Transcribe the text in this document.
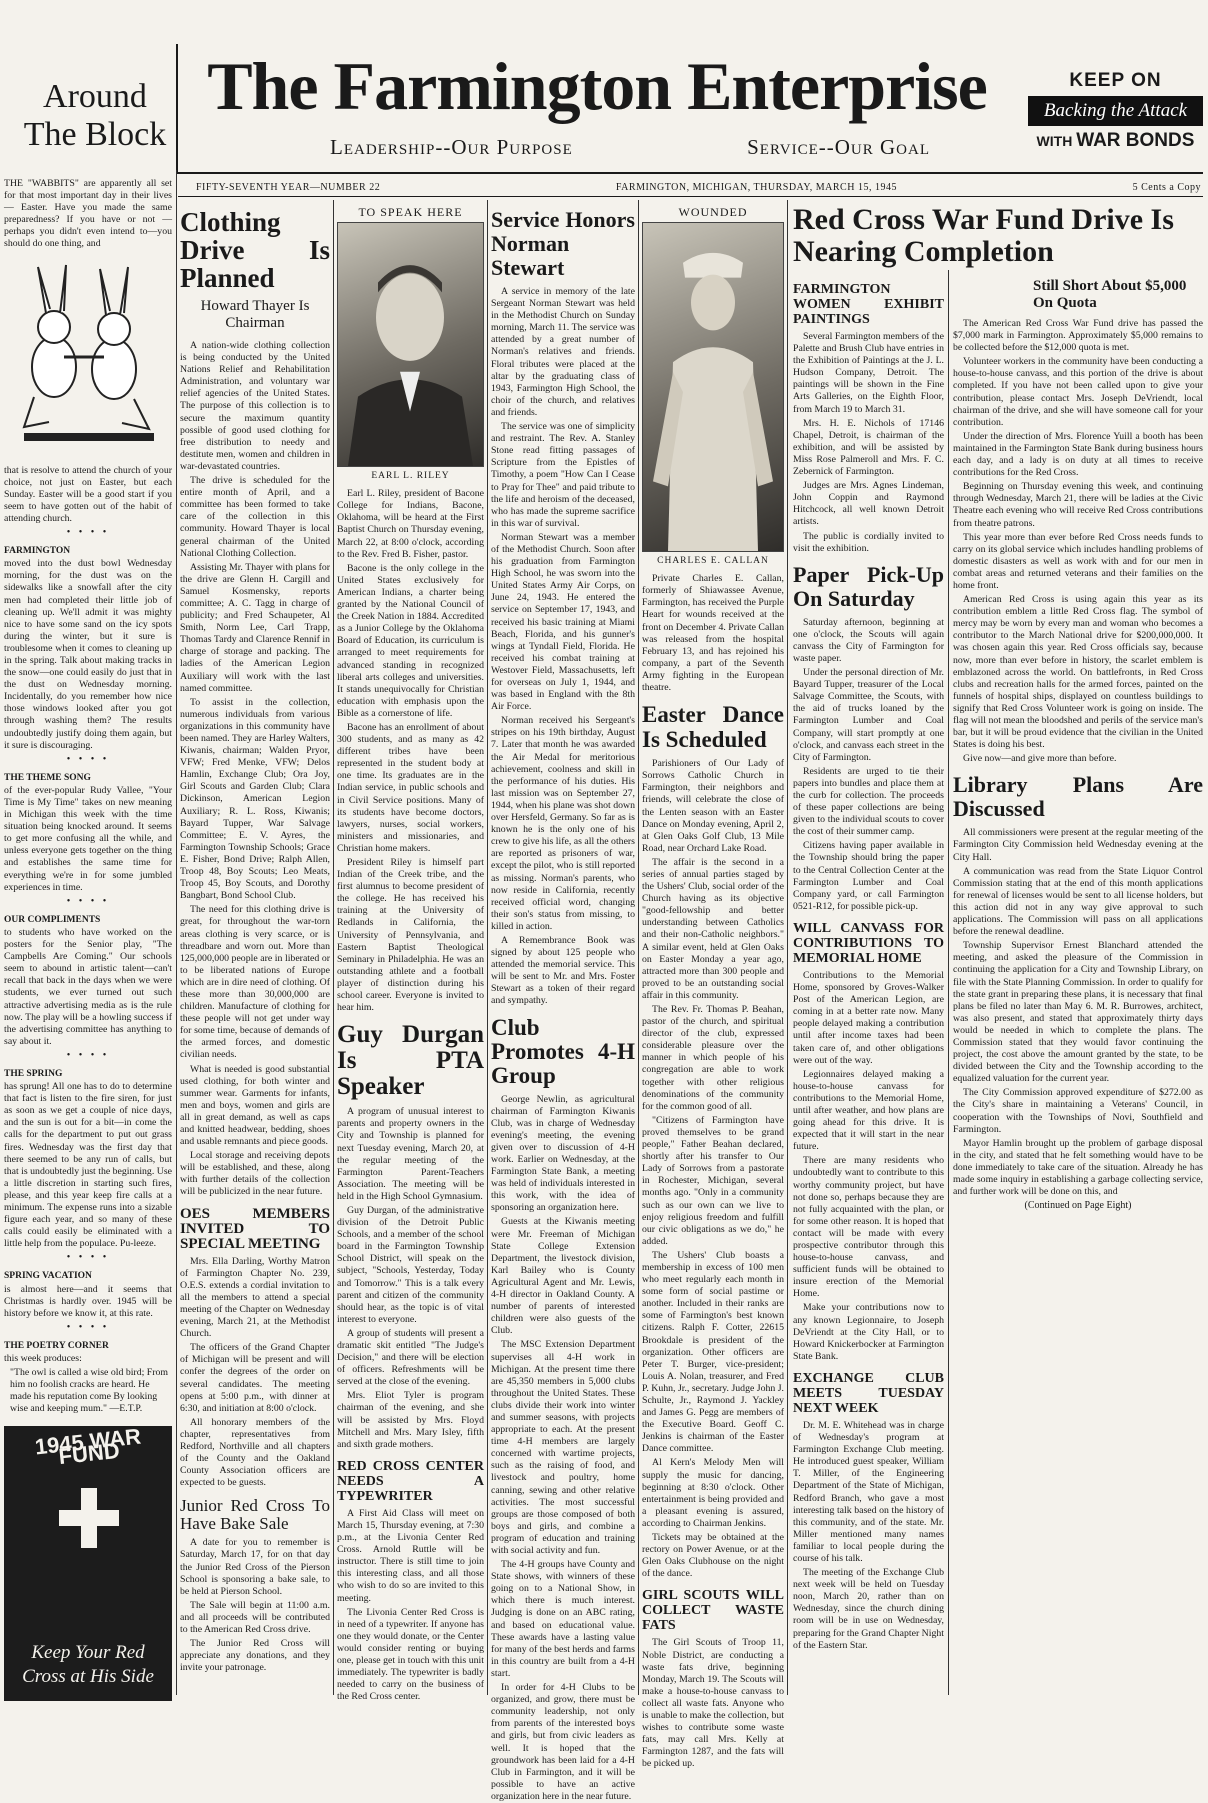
Around
The Block
The Farmington Enterprise
Leadership--Our Purpose	Service--Our Goal
KEEP ON
Backing the Attack
WITH WAR BONDS
FIFTY-SEVENTH YEAR—NUMBER 22	FARMINGTON, MICHIGAN, THURSDAY, MARCH 15, 1945	5 Cents a Copy

THE "WABBITS" are apparently all set for that most important day in their lives — Easter. Have you made the same preparedness? If you have or not —perhaps you didn't even intend to—you should do one thing, and

that is resolve to attend the church of your choice, not just on Easter, but each Sunday. Easter will be a good start if you seem to have gotten out of the habit of attending church.

• • • •
FARMINGTON

moved into the dust bowl Wednesday morning, for the dust was on the sidewalks like a snowfall after the city men had completed their little job of cleaning up. We'll admit it was mighty nice to have some sand on the icy spots during the winter, but it sure is troublesome when it comes to cleaning up in the spring. Talk about making tracks in the snow—one could easily do just that in the dust on Wednesday morning. Incidentally, do you remember how nice those windows looked after you got through washing them? The results undoubtedly justify doing them again, but it sure is discouraging.

• • • •
THE THEME SONG

of the ever-popular Rudy Vallee, "Your Time is My Time" takes on new meaning in Michigan this week with the time situation being knocked around. It seems to get more confusing all the while, and unless everyone gets together on the thing and establishes the same time for everything we're in for some jumbled experiences in time.

• • • •
OUR COMPLIMENTS

to students who have worked on the posters for the Senior play, "The Campbells Are Coming." Our schools seem to abound in artistic talent—can't recall that back in the days when we were students, we ever turned out such attractive advertising media as is the rule now. The play will be a howling success if the advertising committee has anything to say about it.

• • • •
THE SPRING

has sprung! All one has to do to determine that fact is listen to the fire siren, for just as soon as we get a couple of nice days, and the sun is out for a bit—in come the calls for the department to put out grass fires. Wednesday was the first day that there seemed to be any run of calls, but that is undoubtedly just the beginning. Use a little discretion in starting such fires, please, and this year keep fire calls at a minimum. The expense runs into a sizable figure each year, and so many of these calls could easily be eliminated with a little help from the populace. Pu-leeze.

• • • •
SPRING VACATION

is almost here—and it seems that Christmas is hardly over. 1945 will be history before we know it, at this rate.

• • • •
THE POETRY CORNER

this week produces:

"The owl is called a wise old bird; From him no foolish cracks are heard. He made his reputation come By looking wise and keeping mum." —E.T.P.

1945 WAR FUND
Keep Your Red Cross at His Side
Clothing Drive Is Planned
Howard Thayer Is Chairman

A nation-wide clothing collection is being conducted by the United Nations Relief and Rehabilitation Administration, and voluntary war relief agencies of the United States. The purpose of this collection is to secure the maximum quantity possible of good used clothing for free distribution to needy and destitute men, women and children in war-devastated countries.

The drive is scheduled for the entire month of April, and a committee has been formed to take care of the collection in this community. Howard Thayer is local general chairman of the United National Clothing Collection.

Assisting Mr. Thayer with plans for the drive are Glenn H. Cargill and Samuel Kosmensky, reports committee; A. C. Tagg in charge of publicity; and Fred Schaupeter, Al Smith, Norm Lee, Carl Trapp, Thomas Tardy and Clarence Rennif in charge of storage and packing. The ladies of the American Legion Auxiliary will work with the last named committee.

To assist in the collection, numerous individuals from various organizations in this community have been named. They are Harley Walters, Kiwanis, chairman; Walden Pryor, VFW; Fred Menke, VFW; Delos Hamlin, Exchange Club; Ora Joy, Girl Scouts and Garden Club; Clara Dickinson, American Legion Auxiliary; R. L. Ross, Kiwanis; Bayard Tupper, War Salvage Committee; E. V. Ayres, the Farmington Township Schools; Grace E. Fisher, Bond Drive; Ralph Allen, Troop 48, Boy Scouts; Leo Meats, Troop 45, Boy Scouts, and Dorothy Bangbart, Bond School Club.

The need for this clothing drive is great, for throughout the war-torn areas clothing is very scarce, or is threadbare and worn out. More than 125,000,000 people are in liberated or to be liberated nations of Europe which are in dire need of clothing. Of these more than 30,000,000 are children. Manufacture of clothing for these people will not get under way for some time, because of demands of the armed forces, and domestic civilian needs.

What is needed is good substantial used clothing, for both winter and summer wear. Garments for infants, men and boys, women and girls are all in great demand, as well as caps and knitted headwear, bedding, shoes and usable remnants and piece goods.

Local storage and receiving depots will be established, and these, along with further details of the collection will be publicized in the near future.

OES MEMBERS INVITED TO SPECIAL MEETING

Mrs. Ella Darling, Worthy Matron of Farmington Chapter No. 239, O.E.S. extends a cordial invitation to all the members to attend a special meeting of the Chapter on Wednesday evening, March 21, at the Methodist Church.

The officers of the Grand Chapter of Michigan will be present and will confer the degrees of the order on several candidates. The meeting opens at 5:00 p.m., with dinner at 6:30, and initiation at 8:00 o'clock.

All honorary members of the chapter, representatives from Redford, Northville and all chapters of the County and the Oakland County Association officers are expected to be guests.

Junior Red Cross To Have Bake Sale

A date for you to remember is Saturday, March 17, for on that day the Junior Red Cross of the Pierson School is sponsoring a bake sale, to be held at Pierson School.

The Sale will begin at 11:00 a.m. and all proceeds will be contributed to the American Red Cross drive.

The Junior Red Cross will appreciate any donations, and they invite your patronage.

TO SPEAK HERE
EARL L. RILEY

Earl L. Riley, president of Bacone College for Indians, Bacone, Oklahoma, will be heard at the First Baptist Church on Thursday evening, March 22, at 8:00 o'clock, according to the Rev. Fred B. Fisher, pastor.

Bacone is the only college in the United States exclusively for American Indians, a charter being granted by the National Council of the Creek Nation in 1884. Accredited as a Junior College by the Oklahoma Board of Education, its curriculum is arranged to meet requirements for advanced standing in recognized liberal arts colleges and universities. It stands unequivocally for Christian education with emphasis upon the Bible as a cornerstone of life.

Bacone has an enrollment of about 300 students, and as many as 42 different tribes have been represented in the student body at one time. Its graduates are in the Indian service, in public schools and in Civil Service positions. Many of its students have become doctors, lawyers, nurses, social workers, ministers and missionaries, and Christian home makers.

President Riley is himself part Indian of the Creek tribe, and the first alumnus to become president of the college. He has received his training at the University of Redlands in California, the University of Pennsylvania, and Eastern Baptist Theological Seminary in Philadelphia. He was an outstanding athlete and a football player of distinction during his school career. Everyone is invited to hear him.

Guy Durgan Is PTA Speaker

A program of unusual interest to parents and property owners in the City and Township is planned for next Tuesday evening, March 20, at the regular meeting of the Farmington Parent-Teachers Association. The meeting will be held in the High School Gymnasium.

Guy Durgan, of the administrative division of the Detroit Public Schools, and a member of the school board in the Farmington Township School District, will speak on the subject, "Schools, Yesterday, Today and Tomorrow." This is a talk every parent and citizen of the community should hear, as the topic is of vital interest to everyone.

A group of students will present a dramatic skit entitled "The Judge's Decision," and there will be election of officers. Refreshments will be served at the close of the evening.

Mrs. Eliot Tyler is program chairman of the evening, and she will be assisted by Mrs. Floyd Mitchell and Mrs. Mary Isley, fifth and sixth grade mothers.

RED CROSS CENTER NEEDS A TYPEWRITER

A First Aid Class will meet on March 15, Thursday evening, at 7:30 p.m., at the Livonia Center Red Cross. Arnold Ruttle will be instructor. There is still time to join this interesting class, and all those who wish to do so are invited to this meeting.

The Livonia Center Red Cross is in need of a typewriter. If anyone has one they would donate, or the Center would consider renting or buying one, please get in touch with this unit immediately. The typewriter is badly needed to carry on the business of the Red Cross center.

Service Honors Norman Stewart

A service in memory of the late Sergeant Norman Stewart was held in the Methodist Church on Sunday morning, March 11. The service was attended by a great number of Norman's relatives and friends. Floral tributes were placed at the altar by the graduating class of 1943, Farmington High School, the choir of the church, and relatives and friends.

The service was one of simplicity and restraint. The Rev. A. Stanley Stone read fitting passages of Scripture from the Epistles of Timothy, a poem "How Can I Cease to Pray for Thee" and paid tribute to the life and heroism of the deceased, who has made the supreme sacrifice in this war of survival.

Norman Stewart was a member of the Methodist Church. Soon after his graduation from Farmington High School, he was sworn into the United States Army Air Corps, on June 24, 1943. He entered the service on September 17, 1943, and received his basic training at Miami Beach, Florida, and his gunner's wings at Tyndall Field, Florida. He received his combat training at Westover Field, Massachusetts, left for overseas on July 1, 1944, and was based in England with the 8th Air Force.

Norman received his Sergeant's stripes on his 19th birthday, August 7. Later that month he was awarded the Air Medal for meritorious achievement, coolness and skill in the performance of his duties. His last mission was on September 27, 1944, when his plane was shot down over Hersfeld, Germany. So far as is known he is the only one of his crew to give his life, as all the others are reported as prisoners of war, except the pilot, who is still reported as missing. Norman's parents, who now reside in California, recently received official word, changing their son's status from missing, to killed in action.

A Remembrance Book was signed by about 125 people who attended the memorial service. This will be sent to Mr. and Mrs. Foster Stewart as a token of their regard and sympathy.

Club Promotes 4-H Group

George Newlin, as agricultural chairman of Farmington Kiwanis Club, was in charge of Wednesday evening's meeting, the evening given over to discussion of 4-H work. Earlier on Wednesday, at the Farmington State Bank, a meeting was held of individuals interested in this work, with the idea of sponsoring an organization here.

Guests at the Kiwanis meeting were Mr. Freeman of Michigan State College Extension Department, the livestock division, Karl Bailey who is County Agricultural Agent and Mr. Lewis, 4-H director in Oakland County. A number of parents of interested children were also guests of the Club.

The MSC Extension Department supervises all 4-H work in Michigan. At the present time there are 45,350 members in 5,000 clubs throughout the United States. These clubs divide their work into winter and summer seasons, with projects appropriate to each. At the present time 4-H members are largely concerned with wartime projects, such as the raising of food, and livestock and poultry, home canning, sewing and other relative activities. The most successful groups are those composed of both boys and girls, and combine a program of education and training with social activity and fun.

The 4-H groups have County and State shows, with winners of these going on to a National Show, in which there is much interest. Judging is done on an ABC rating, and based on educational value. These awards have a lasting value for many of the best herds and farms in this country are built from a 4-H start.

In order for 4-H Clubs to be organized, and grow, there must be community leadership, not only from parents of the interested boys and girls, but from civic leaders as well. It is hoped that the groundwork has been laid for a 4-H Club in Farmington, and it will be possible to have an active organization here in the near future.

WOUNDED
CHARLES E. CALLAN

Private Charles E. Callan, formerly of Shiawassee Avenue, Farmington, has received the Purple Heart for wounds received at the front on December 4. Private Callan was released from the hospital February 13, and has rejoined his company, a part of the Seventh Army fighting in the European theatre.

Easter Dance Is Scheduled

Parishioners of Our Lady of Sorrows Catholic Church in Farmington, their neighbors and friends, will celebrate the close of the Lenten season with an Easter Dance on Monday evening, April 2, at Glen Oaks Golf Club, 13 Mile Road, near Orchard Lake Road.

The affair is the second in a series of annual parties staged by the Ushers' Club, social order of the Church having as its objective "good-fellowship and better understanding between Catholics and their non-Catholic neighbors." A similar event, held at Glen Oaks on Easter Monday a year ago, attracted more than 300 people and proved to be an outstanding social affair in this community.

The Rev. Fr. Thomas P. Beahan, pastor of the church, and spiritual director of the club, expressed considerable pleasure over the manner in which people of his congregation are able to work together with other religious denominations of the community for the common good of all.

"Citizens of Farmington have proved themselves to be grand people," Father Beahan declared, shortly after his transfer to Our Lady of Sorrows from a pastorate in Rochester, Michigan, several months ago. "Only in a community such as our own can we live to enjoy religious freedom and fulfill our civic obligations as we do," he added.

The Ushers' Club boasts a membership in excess of 100 men who meet regularly each month in some form of social pastime or another. Included in their ranks are some of Farmington's best known citizens. Ralph F. Cotter, 22615 Brookdale is president of the organization. Other officers are Peter T. Burger, vice-president; Louis A. Nolan, treasurer, and Fred P. Kuhn, Jr., secretary. Judge John J. Schulte, Jr., Raymond J. Yackley and James G. Pegg are members of the Executive Board. Geoff C. Jenkins is chairman of the Easter Dance committee.

Al Kern's Melody Men will supply the music for dancing, beginning at 8:30 o'clock. Other entertainment is being provided and a pleasant evening is assured, according to Chairman Jenkins.

Tickets may be obtained at the rectory on Power Avenue, or at the Glen Oaks Clubhouse on the night of the dance.

GIRL SCOUTS WILL COLLECT WASTE FATS

The Girl Scouts of Troop 11, Noble District, are conducting a waste fats drive, beginning Monday, March 19. The Scouts will make a house-to-house canvass to collect all waste fats. Anyone who is unable to make the collection, but wishes to contribute some waste fats, may call Mrs. Kelly at Farmington 1287, and the fats will be picked up.

Red Cross War Fund Drive Is Nearing Completion
FARMINGTON WOMEN EXHIBIT PAINTINGS

Several Farmington members of the Palette and Brush Club have entries in the Exhibition of Paintings at the J. L. Hudson Company, Detroit. The paintings will be shown in the Fine Arts Galleries, on the Eighth Floor, from March 19 to March 31.

Mrs. H. E. Nichols of 17146 Chapel, Detroit, is chairman of the exhibition, and will be assisted by Miss Rose Palmeroll and Mrs. F. C. Zebernick of Farmington.

Judges are Mrs. Agnes Lindeman, John Coppin and Raymond Hitchcock, all well known Detroit artists.

The public is cordially invited to visit the exhibition.

Paper Pick-Up On Saturday

Saturday afternoon, beginning at one o'clock, the Scouts will again canvass the City of Farmington for waste paper.

Under the personal direction of Mr. Bayard Tupper, treasurer of the Local Salvage Committee, the Scouts, with the aid of trucks loaned by the Farmington Lumber and Coal Company, will start promptly at one o'clock, and canvass each street in the City of Farmington.

Residents are urged to tie their papers into bundles and place them at the curb for collection. The proceeds of these paper collections are being given to the individual scouts to cover the cost of their summer camp.

Citizens having paper available in the Township should bring the paper to the Central Collection Center at the Farmington Lumber and Coal Company yard, or call Farmington 0521-R12, for possible pick-up.

WILL CANVASS FOR CONTRIBUTIONS TO MEMORIAL HOME

Contributions to the Memorial Home, sponsored by Groves-Walker Post of the American Legion, are coming in at a better rate now. Many people delayed making a contribution until after income taxes had been taken care of, and other obligations were out of the way.

Legionnaires delayed making a house-to-house canvass for contributions to the Memorial Home, until after weather, and how plans are going ahead for this drive. It is expected that it will start in the near future.

There are many residents who undoubtedly want to contribute to this worthy community project, but have not done so, perhaps because they are not fully acquainted with the plan, or for some other reason. It is hoped that contact will be made with every prospective contributor through this house-to-house canvass, and sufficient funds will be obtained to insure erection of the Memorial Home.

Make your contributions now to any known Legionnaire, to Joseph DeVriendt at the City Hall, or to Howard Knickerbocker at Farmington State Bank.

EXCHANGE CLUB MEETS TUESDAY NEXT WEEK

Dr. M. E. Whitehead was in charge of Wednesday's program at Farmington Exchange Club meeting. He introduced guest speaker, William T. Miller, of the Engineering Department of the State of Michigan, Redford Branch, who gave a most interesting talk based on the history of this community, and of the state. Mr. Miller mentioned many names familiar to local people during the course of his talk.

The meeting of the Exchange Club next week will be held on Tuesday noon, March 20, rather than on Wednesday, since the church dining room will be in use on Wednesday, preparing for the Grand Chapter Night of the Eastern Star.

Still Short About $5,000 On Quota

The American Red Cross War Fund drive has passed the $7,000 mark in Farmington. Approximately $5,000 remains to be collected before the $12,000 quota is met.

Volunteer workers in the community have been conducting a house-to-house canvass, and this portion of the drive is about completed. If you have not been called upon to give your contribution, please contact Mrs. Joseph DeVriendt, local chairman of the drive, and she will have someone call for your contribution.

Under the direction of Mrs. Florence Yuill a booth has been maintained in the Farmington State Bank during business hours each day, and a lady is on duty at all times to receive contributions for the Red Cross.

Beginning on Thursday evening this week, and continuing through Wednesday, March 21, there will be ladies at the Civic Theatre each evening who will receive Red Cross contributions from theatre patrons.

This year more than ever before Red Cross needs funds to carry on its global service which includes handling problems of domestic disasters as well as work with and for our men in combat areas and returned veterans and their families on the home front.

American Red Cross is using again this year as its contribution emblem a little Red Cross flag. The symbol of mercy may be worn by every man and woman who becomes a contributor to the March National drive for $200,000,000. It was chosen again this year. Red Cross officials say, because now, more than ever before in history, the scarlet emblem is emblazoned across the world. On battlefronts, in Red Cross clubs and recreation halls for the armed forces, painted on the funnels of hospital ships, displayed on countless buildings to signify that Red Cross Volunteer work is going on inside. The flag will not mean the bloodshed and perils of the service man's bar, but it will be proud evidence that the civilian in the United States is doing his best.

Give now—and give more than before.

Library Plans Are Discussed

All commissioners were present at the regular meeting of the Farmington City Commission held Wednesday evening at the City Hall.

A communication was read from the State Liquor Control Commission stating that at the end of this month applications for renewal of licenses would be sent to all license holders, but this action did not in any way give approval to such applications. The Commission will pass on all applications before the renewal deadline.

Township Supervisor Ernest Blanchard attended the meeting, and asked the pleasure of the Commission in continuing the application for a City and Township Library, on file with the State Planning Commission. In order to qualify for the state grant in preparing these plans, it is necessary that final plans be filed no later than May 6. M. R. Burrowes, architect, was also present, and stated that approximately thirty days would be needed in which to complete the plans. The Commission stated that they would favor continuing the project, the cost above the amount granted by the state, to be divided between the City and the Township according to the equalized valuation for the current year.

The City Commission approved expenditure of $272.00 as the City's share in maintaining a Veterans' Council, in cooperation with the Townships of Novi, Southfield and Farmington.

Mayor Hamlin brought up the problem of garbage disposal in the city, and stated that he felt something would have to be done immediately to take care of the situation. Already he has made some inquiry in establishing a garbage collecting service, and further work will be done on this, and

(Continued on Page Eight)
